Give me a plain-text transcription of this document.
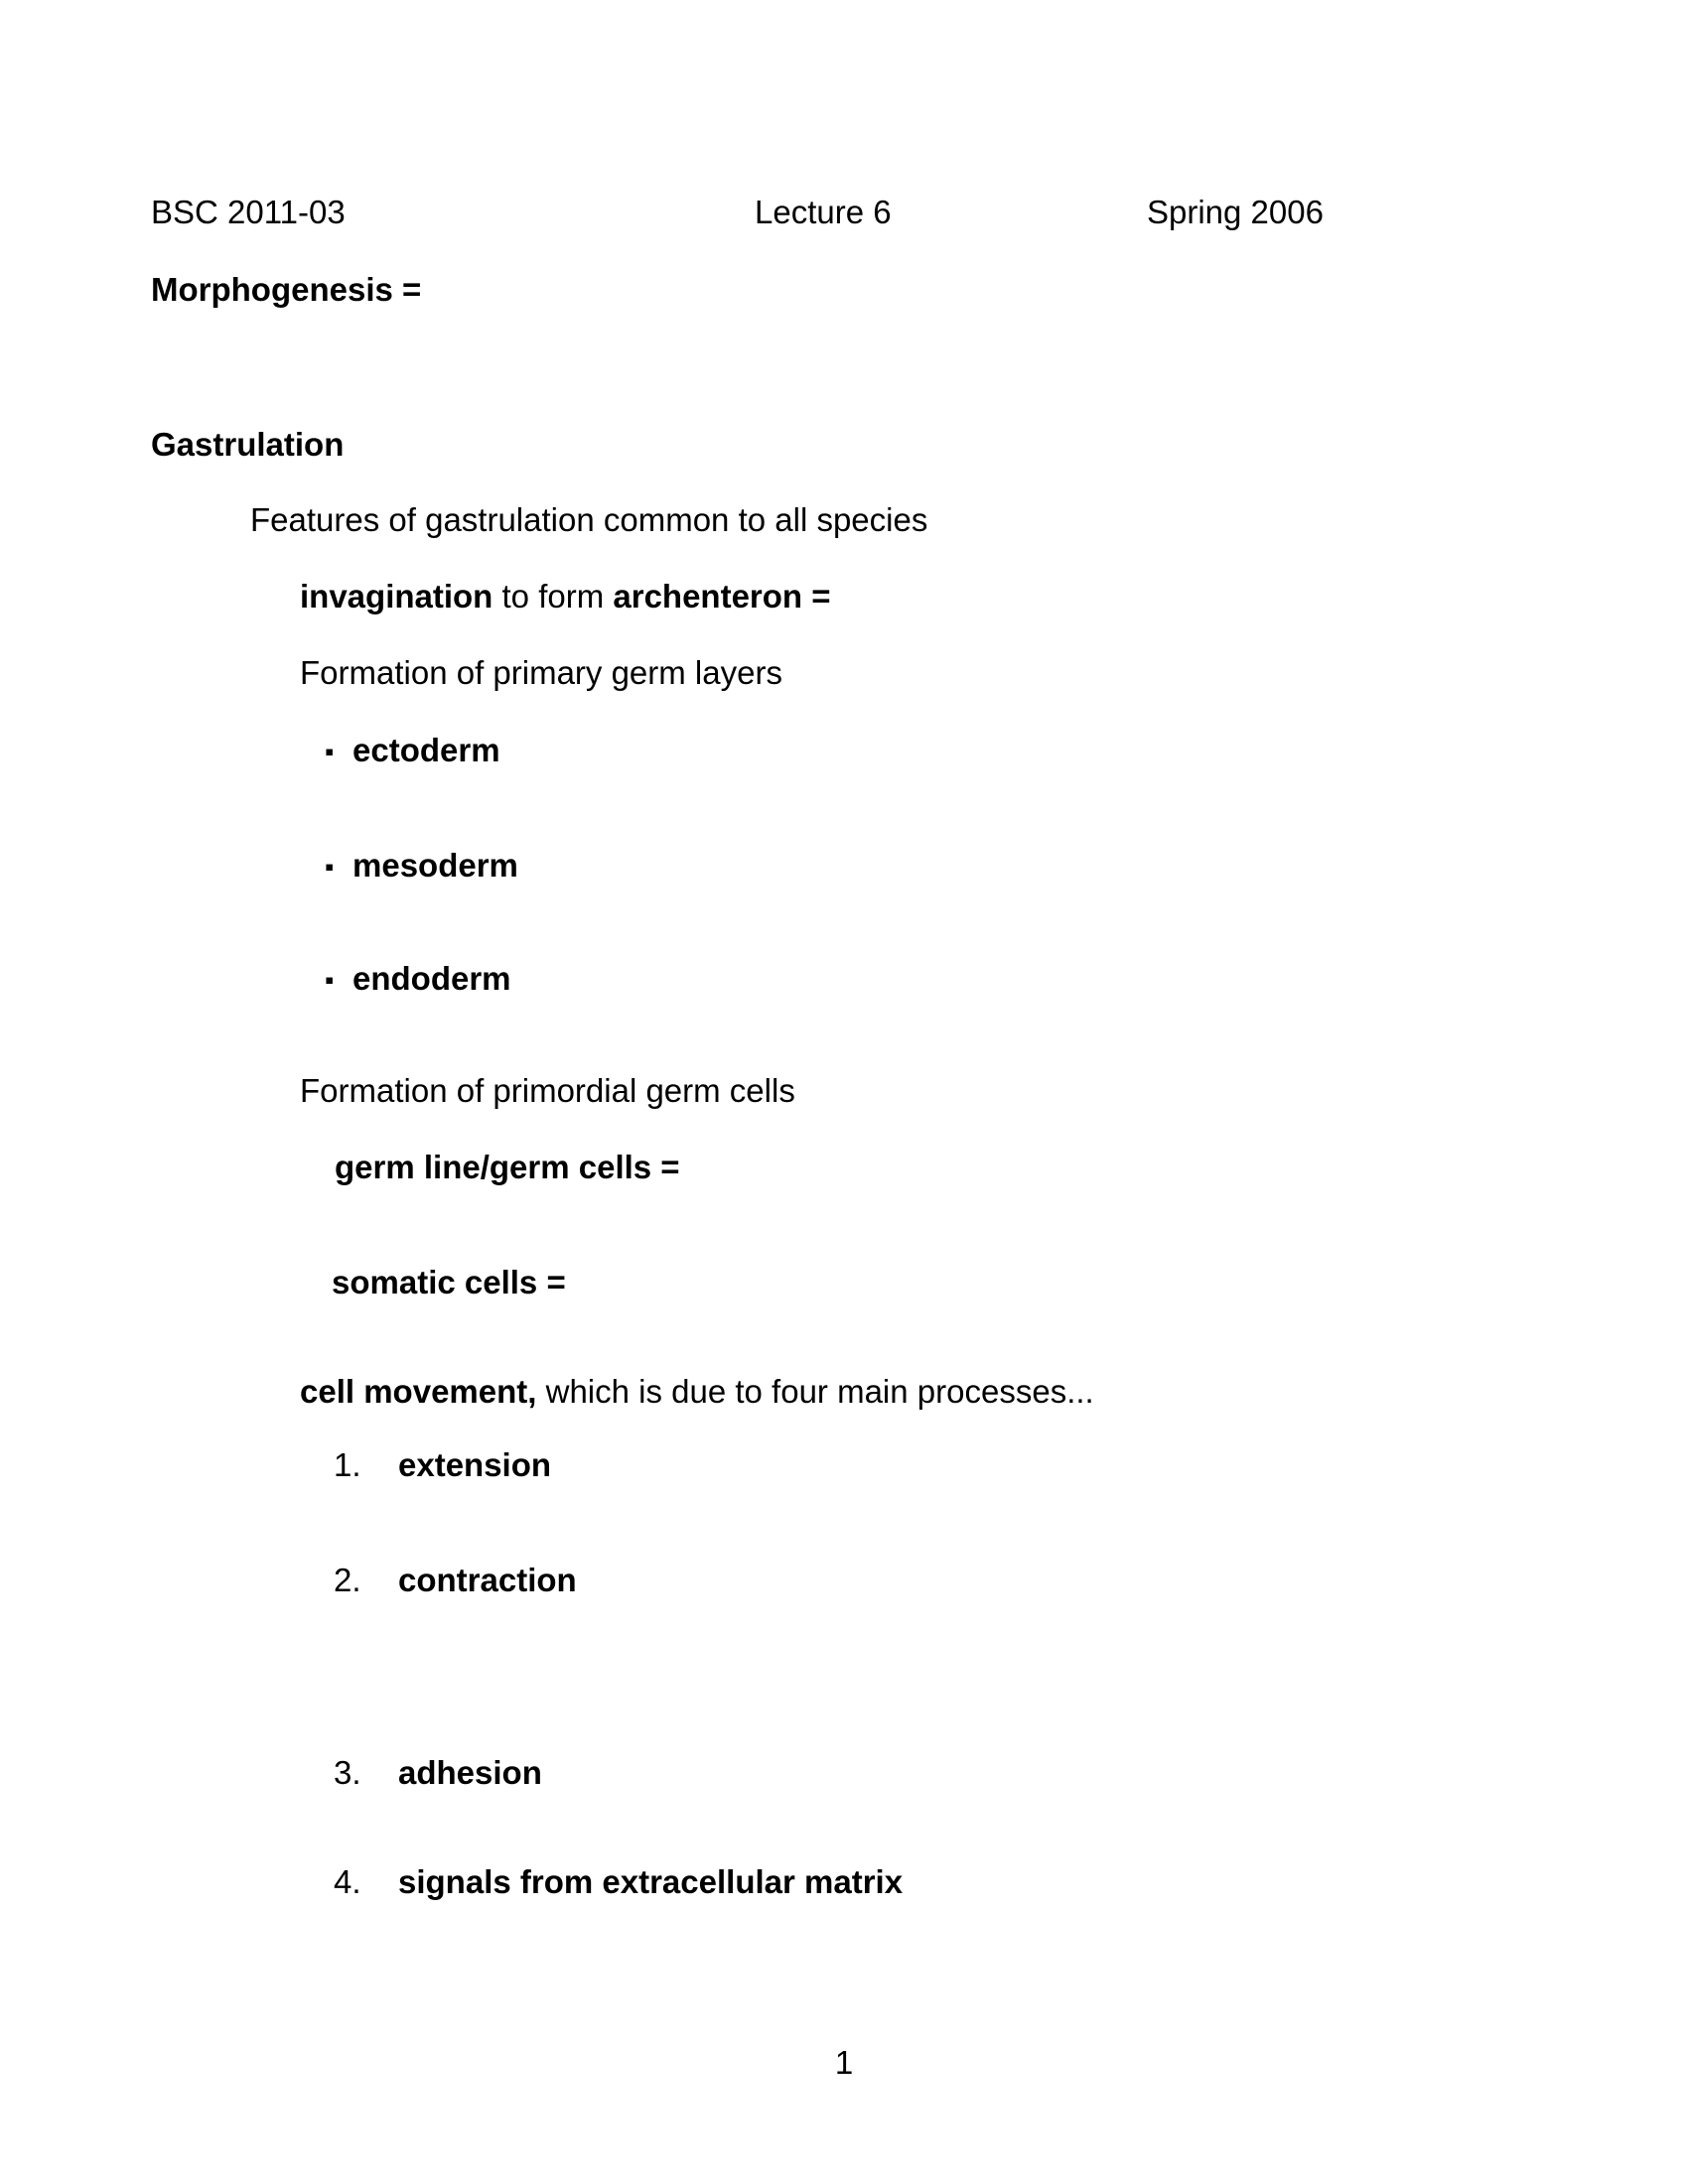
BSC 2011-03	Lecture 6	Spring 2006
Morphogenesis =
Gastrulation
Features of gastrulation common to all species
invagination to form archenteron =
Formation of primary germ layers
▪ ectoderm
▪ mesoderm
▪ endoderm
Formation of primordial germ cells
germ line/germ cells =
somatic cells =
cell movement, which is due to four main processes...
1. extension
2. contraction
3. adhesion
4. signals from extracellular matrix
1
